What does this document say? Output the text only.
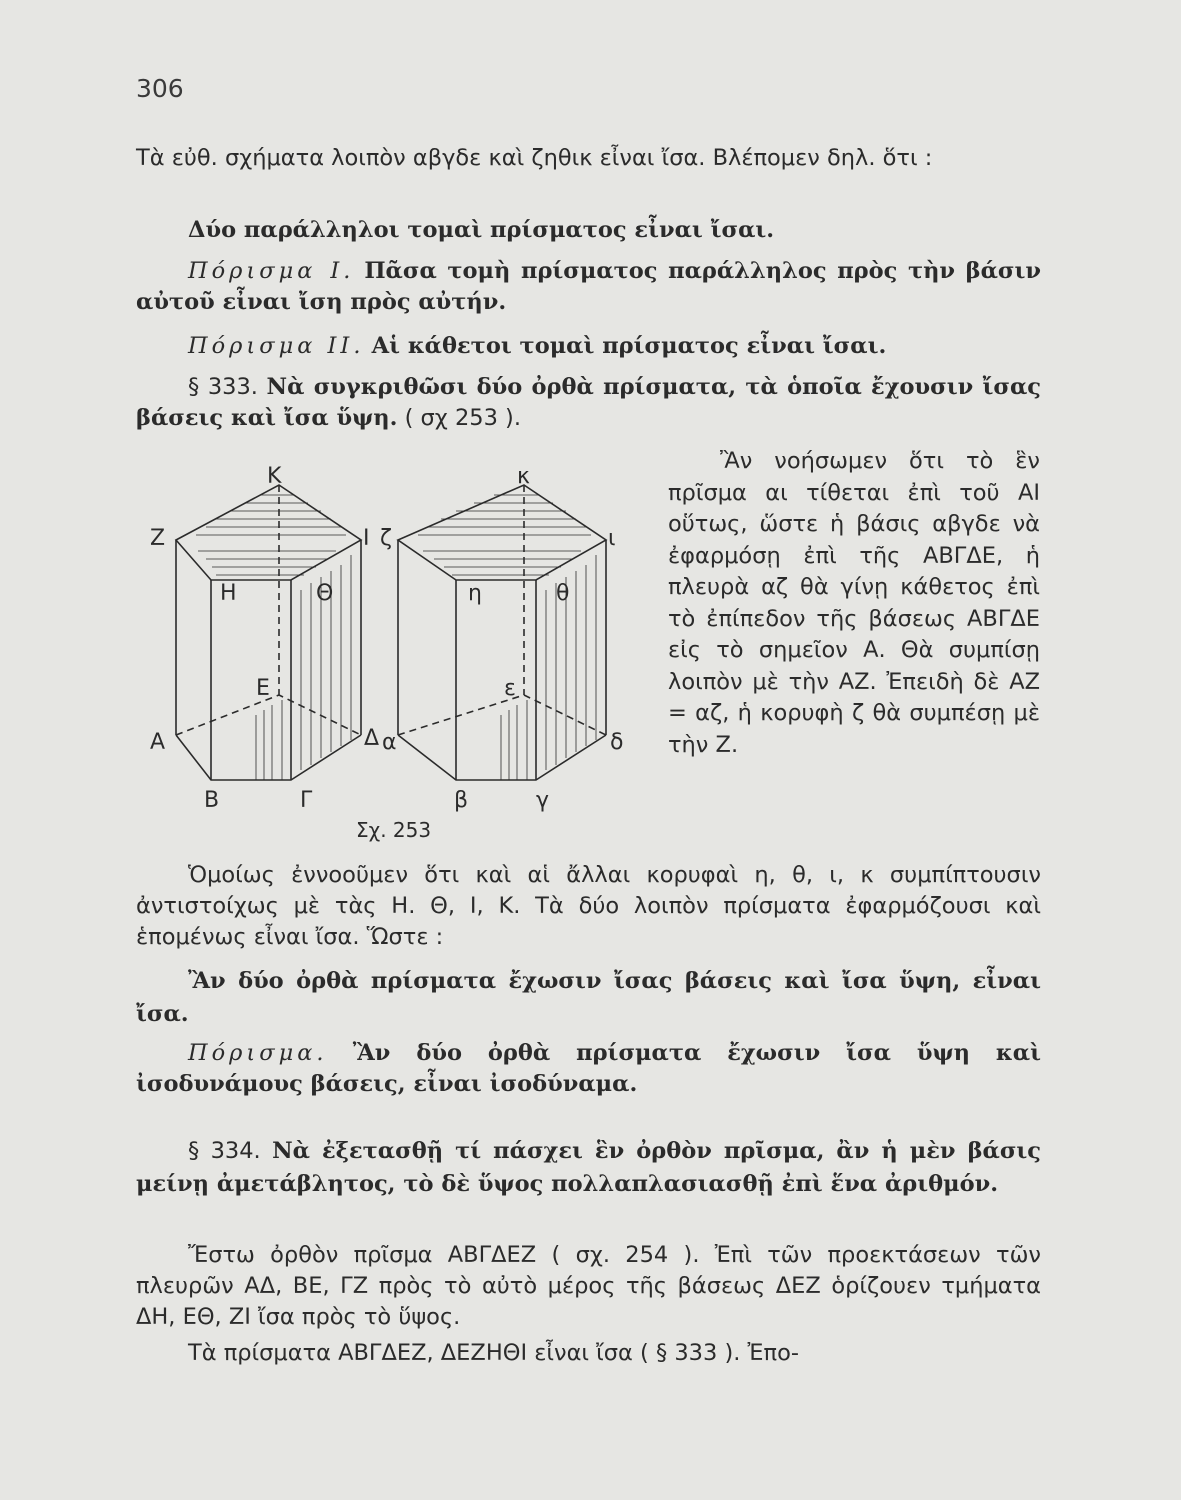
306
Τὰ εὐθ. σχήματα λοιπὸν αβγδε καὶ ζηθικ εἶναι ἴσα. Βλέπομεν δηλ. ὅτι :
Δύο παράλληλοι τομαὶ πρίσματος εἶναι ἴσαι.
Πόρισμα Ι. Πᾶσα τομὴ πρίσματος παράλληλος πρὸς τὴν βάσιν αὐτοῦ εἶναι ἴση πρὸς αὐτήν.
Πόρισμα ΙΙ. Αἱ κάθετοι τομαὶ πρίσματος εἶναι ἴσαι.
§ 333. Νὰ συγκριθῶσι δύο ὀρθὰ πρίσματα, τὰ ὁποῖα ἔχουσιν ἴσας βάσεις καὶ ἴσα ὕψη. ( σχ 253 ).
Κ
Ζ	Ι
Η	Θ
Ε
Α	Δ
Β	Γ
κ
ζ	ι
η	θ
ε
α	δ
β	γ
Σχ. 253
Ἂν νοήσωμεν ὅτι τὸ ἓν πρῖσμα αι τίθεται ἐπὶ τοῦ ΑΙ οὕτως, ὥστε ἡ βάσις αβγδε νὰ ἐφαρμόσῃ ἐπὶ τῆς ΑΒΓΔΕ, ἡ πλευρὰ αζ θὰ γίνῃ κάθετος ἐπὶ τὸ ἐπίπεδον τῆς βάσεως ΑΒΓΔΕ εἰς τὸ σημεῖον Α. Θὰ συμπίσῃ λοιπὸν μὲ τὴν ΑΖ. Ἐπειδὴ δὲ ΑΖ = αζ, ἡ κορυφὴ ζ θὰ συμπέσῃ μὲ τὴν Ζ.
Ὁμοίως ἐννοοῦμεν ὅτι καὶ αἱ ἄλλαι κορυφαὶ η, θ, ι, κ συμπίπτουσιν ἀντιστοίχως μὲ τὰς Η. Θ, Ι, Κ. Τὰ δύο λοιπὸν πρίσματα ἐφαρμόζουσι καὶ ἑπομένως εἶναι ἴσα. Ὥστε :
Ἂν δύο ὀρθὰ πρίσματα ἔχωσιν ἴσας βάσεις καὶ ἴσα ὕψη, εἶναι ἴσα.
Πόρισμα. Ἂν δύο ὀρθὰ πρίσματα ἔχωσιν ἴσα ὕψη καὶ ἰσοδυνάμους βάσεις, εἶναι ἰσοδύναμα.
§ 334. Νὰ ἐξετασθῇ τί πάσχει ἓν ὀρθὸν πρῖσμα, ἂν ἡ μὲν βάσις μείνῃ ἀμετάβλητος, τὸ δὲ ὕψος πολλαπλασιασθῇ ἐπὶ ἕνα ἀριθμόν.
Ἔστω ὀρθὸν πρῖσμα ΑΒΓΔΕΖ ( σχ. 254 ). Ἐπὶ τῶν προεκτάσεων τῶν πλευρῶν ΑΔ, ΒΕ, ΓΖ πρὸς τὸ αὐτὸ μέρος τῆς βάσεως ΔΕΖ ὁρίζουεν τμήματα ΔΗ, ΕΘ, ΖΙ ἴσα πρὸς τὸ ὕψος.
Τὰ πρίσματα ΑΒΓΔΕΖ, ΔΕΖΗΘΙ εἶναι ἴσα ( § 333 ). Ἐπο-
